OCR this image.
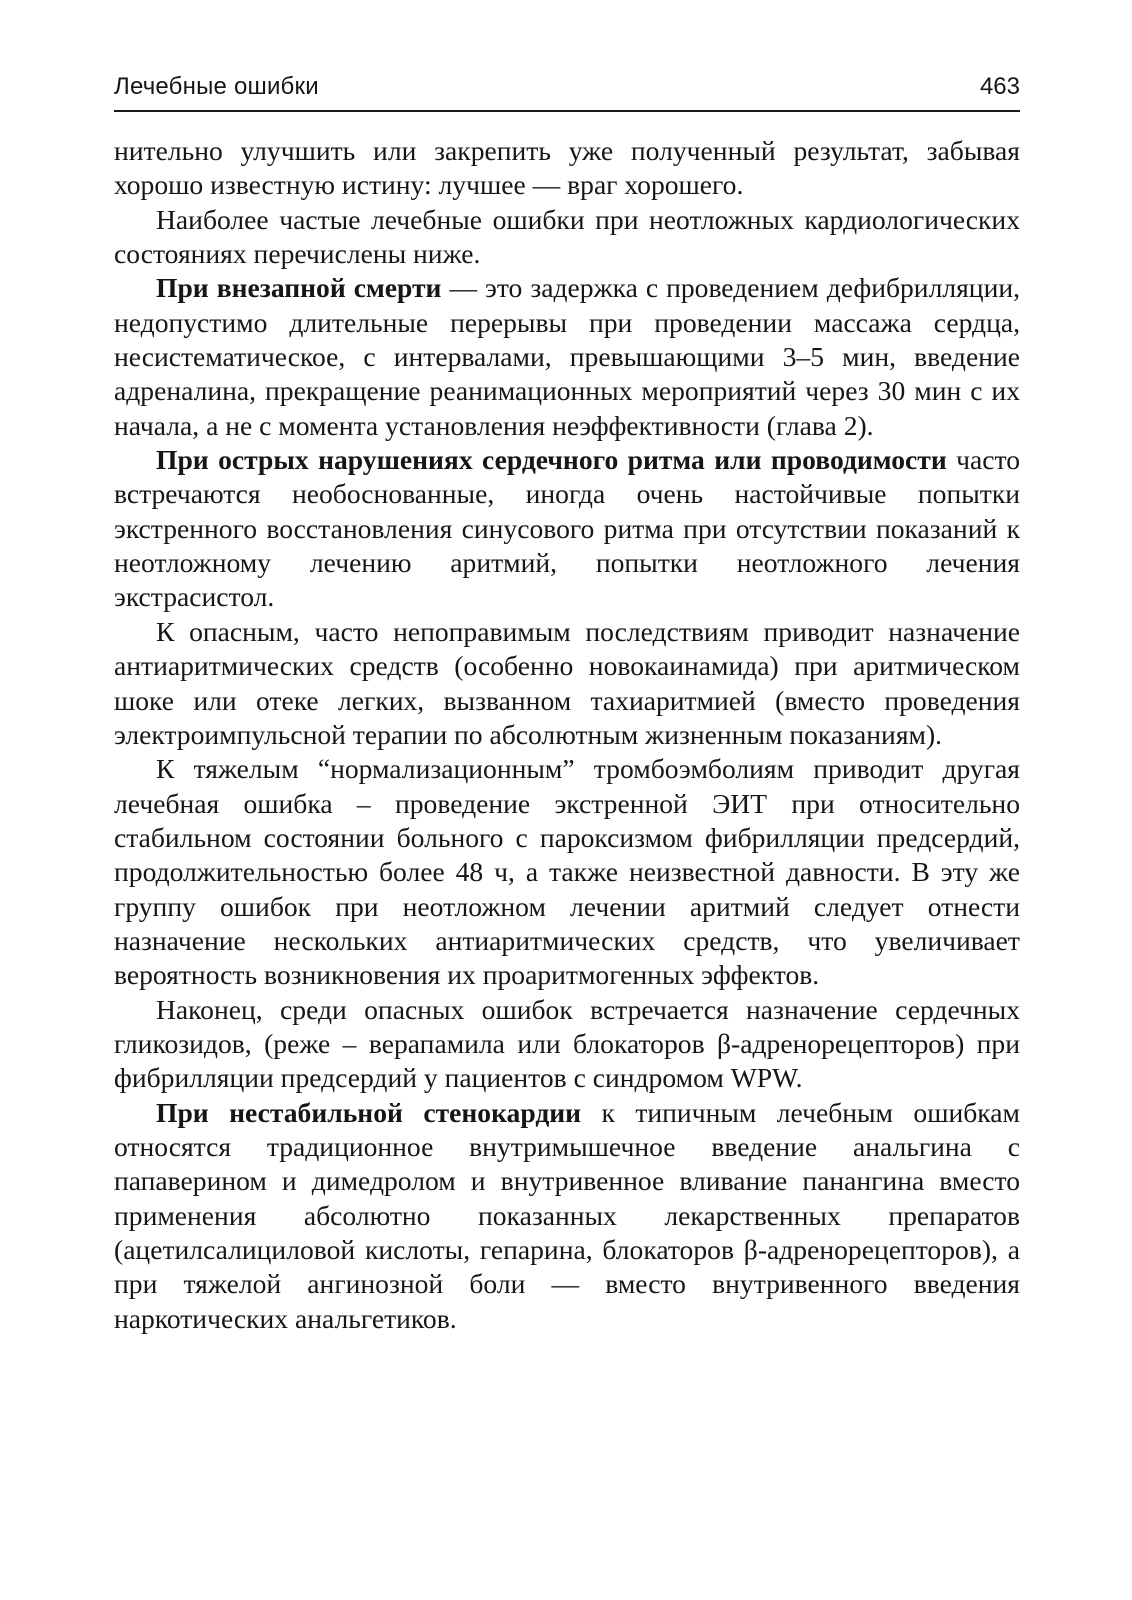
Лечебные ошибки	463

нительно улучшить или закрепить уже полученный результат, забывая хорошо известную истину: лучшее — враг хорошего.

Наиболее частые лечебные ошибки при неотложных кардиологических состояниях перечислены ниже.

При внезапной смерти — это задержка с проведением дефибрилляции, недопустимо длительные перерывы при проведении массажа сердца, несистематическое, с интервалами, превышающими 3–5 мин, введение адреналина, прекращение реанимационных мероприятий через 30 мин с их начала, а не с момента установления неэффективности (глава 2).

При острых нарушениях сердечного ритма или проводимости часто встречаются необоснованные, иногда очень настойчивые попытки экстренного восстановления синусового ритма при отсутствии показаний к неотложному лечению аритмий, попытки неотложного лечения экстрасистол.

К опасным, часто непоправимым последствиям приводит назначение антиаритмических средств (особенно новокаинамида) при аритмическом шоке или отеке легких, вызванном тахиаритмией (вместо проведения электроимпульсной терапии по абсолютным жизненным показаниям).

К тяжелым “нормализационным” тромбоэмболиям приводит другая лечебная ошибка – проведение экстренной ЭИТ при относительно стабильном состоянии больного с пароксизмом фибрилляции предсердий, продолжительностью более 48 ч, а также неизвестной давности. В эту же группу ошибок при неотложном лечении аритмий следует отнести назначение нескольких антиаритмических средств, что увеличивает вероятность возникновения их проаритмогенных эффектов.

Наконец, среди опасных ошибок встречается назначение сердечных гликозидов, (реже – верапамила или блокаторов β-адренорецепторов) при фибрилляции предсердий у пациентов с синдромом WPW.

При нестабильной стенокардии к типичным лечебным ошибкам относятся традиционное внутримышечное введение анальгина с папаверином и димедролом и внутривенное вливание панангина вместо применения абсолютно показанных лекарственных препаратов (ацетилсалициловой кислоты, гепарина, блокаторов β-адренорецепторов), а при тяжелой ангинозной боли — вместо внутривенного введения наркотических анальгетиков.
